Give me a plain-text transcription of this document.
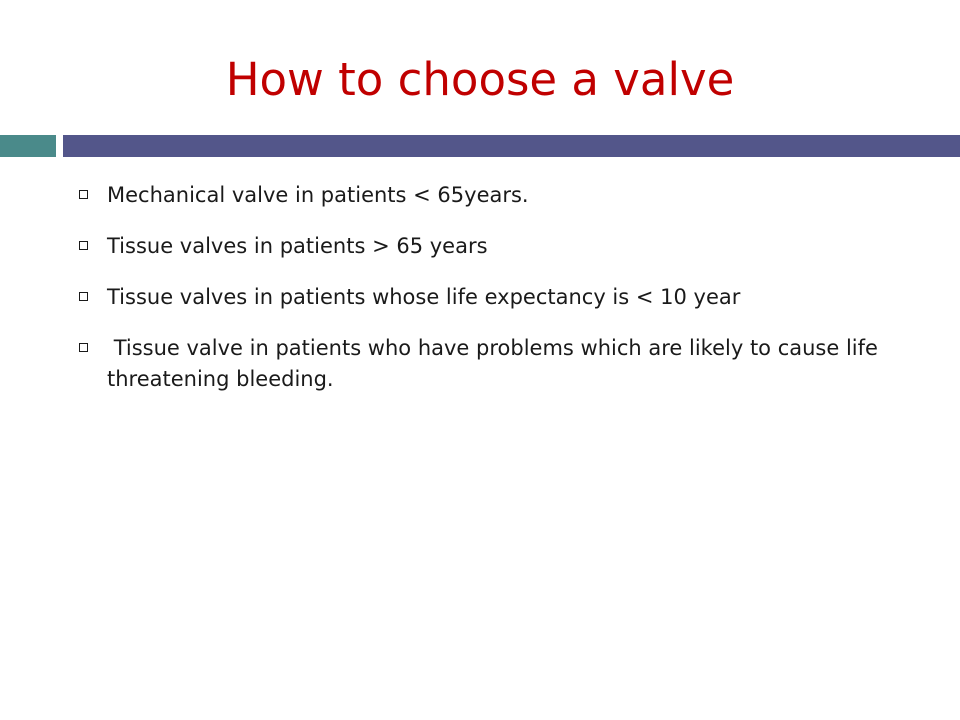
How to choose a valve
Mechanical valve in patients < 65years.
Tissue valves in patients > 65 years
Tissue valves in patients whose life expectancy is < 10 year
Tissue valve in patients who have problems which are likely to cause life threatening bleeding.
